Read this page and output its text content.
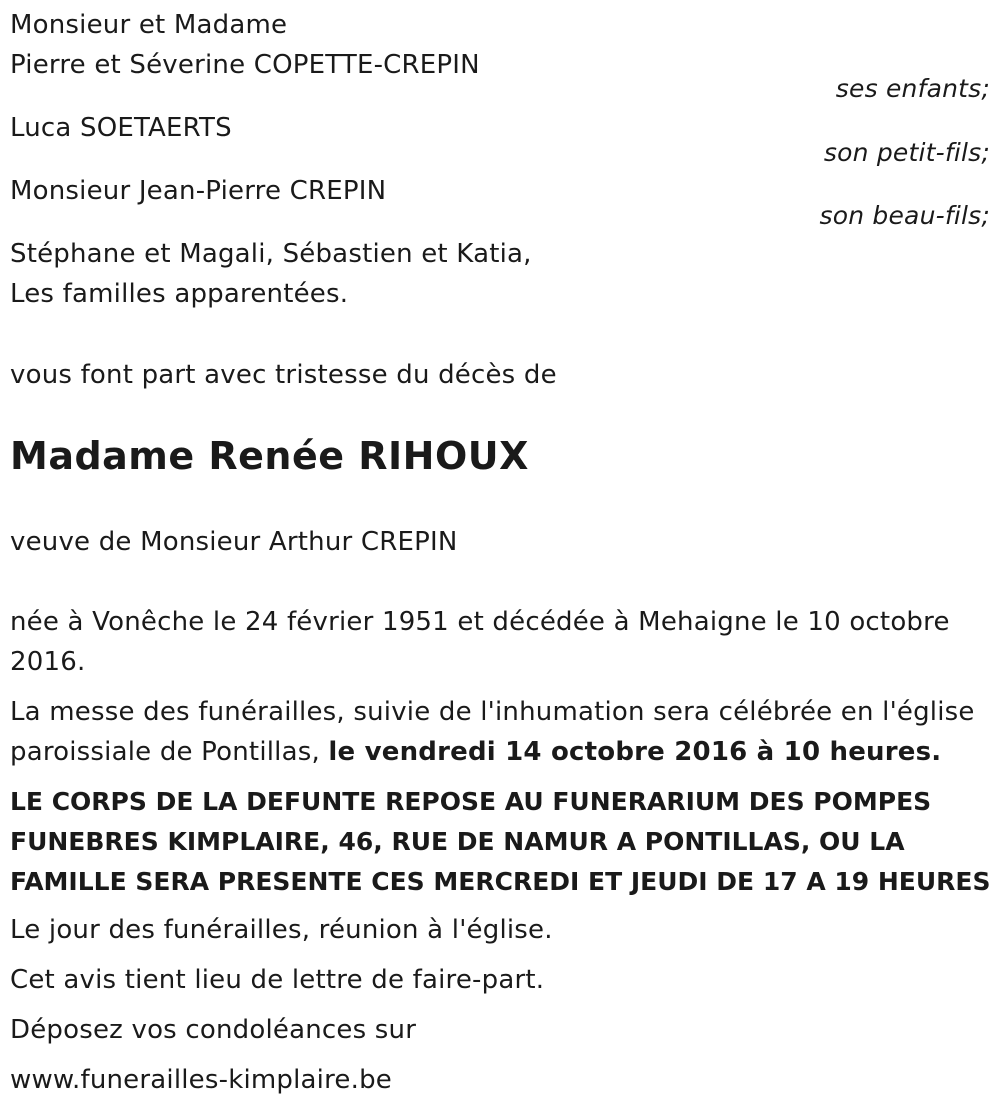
Monsieur et Madame
Pierre et Séverine COPETTE-CREPIN
ses enfants;
Luca SOETAERTS
son petit-fils;
Monsieur Jean-Pierre CREPIN
son beau-fils;
Stéphane et Magali, Sébastien et Katia,
Les familles apparentées.
vous font part avec tristesse du décès de
Madame Renée RIHOUX
veuve de Monsieur Arthur CREPIN
née à Vonêche le 24 février 1951 et décédée à Mehaigne le 10 octobre
2016.
La messe des funérailles, suivie de l'inhumation sera célébrée en l'église
paroissiale de Pontillas, le vendredi 14 octobre 2016 à 10 heures.
LE CORPS DE LA DEFUNTE REPOSE AU FUNERARIUM DES POMPES
FUNEBRES KIMPLAIRE, 46, RUE DE NAMUR A PONTILLAS, OU LA
FAMILLE SERA PRESENTE CES MERCREDI ET JEUDI DE 17 A 19 HEURES
Le jour des funérailles, réunion à l'église.
Cet avis tient lieu de lettre de faire-part.
Déposez vos condoléances sur
www.funerailles-kimplaire.be
